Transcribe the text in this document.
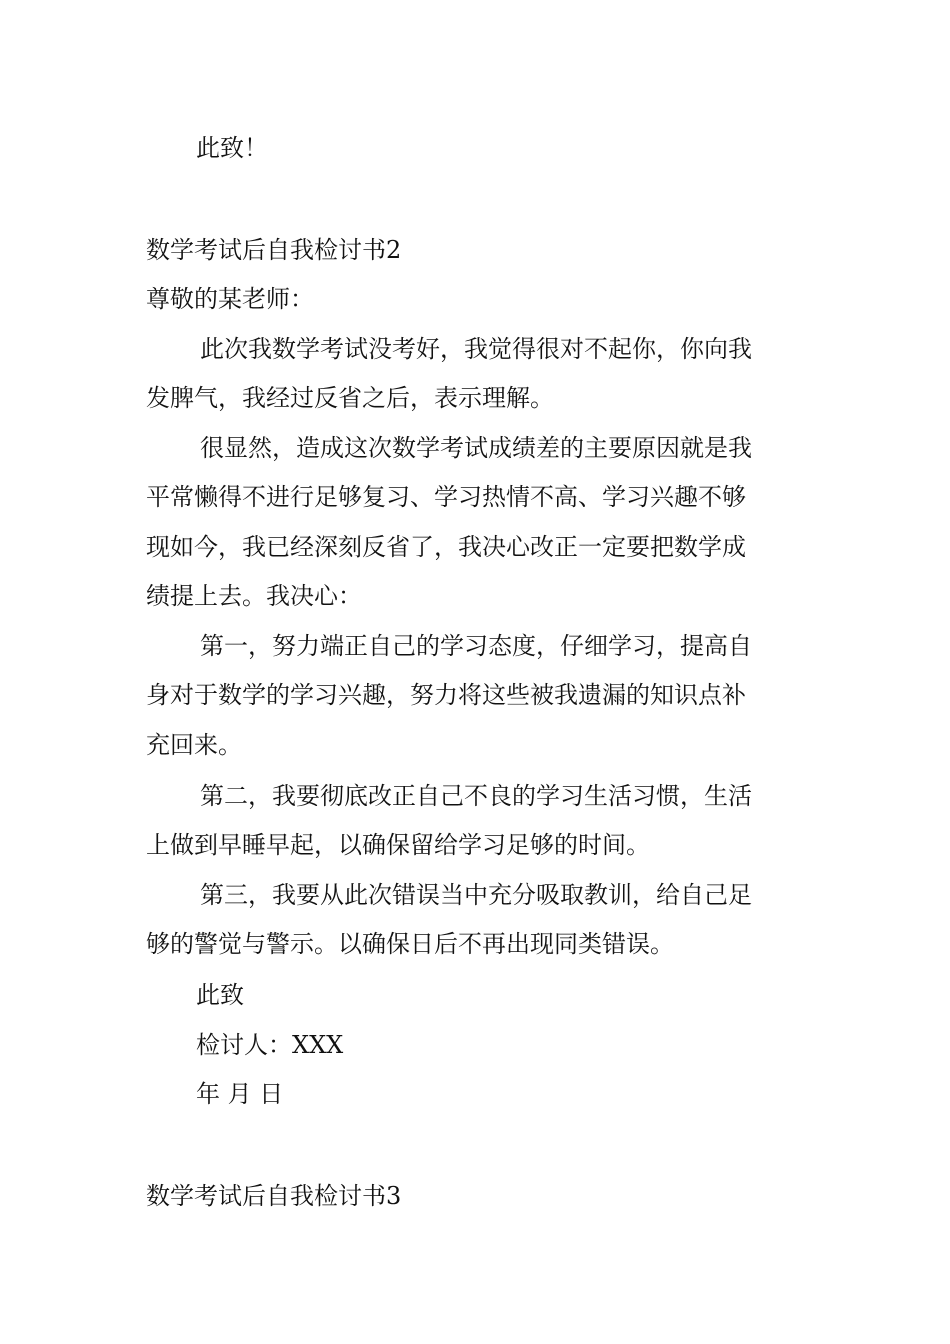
此致！

数学考试后自我检讨书2

尊敬的某老师：

此次我数学考试没考好，我觉得很对不起你，你向我

发脾气，我经过反省之后，表示理解。

很显然，造成这次数学考试成绩差的主要原因就是我

平常懒得不进行足够复习、学习热情不高、学习兴趣不够

现如今，我已经深刻反省了，我决心改正一定要把数学成

绩提上去。我决心：

第一，努力端正自己的学习态度，仔细学习，提高自

身对于数学的学习兴趣，努力将这些被我遗漏的知识点补

充回来。

第二，我要彻底改正自己不良的学习生活习惯，生活

上做到早睡早起，以确保留给学习足够的时间。

第三，我要从此次错误当中充分吸取教训，给自己足

够的警觉与警示。以确保日后不再出现同类错误。

此致

检讨人：XXX

年 月 日

数学考试后自我检讨书3
